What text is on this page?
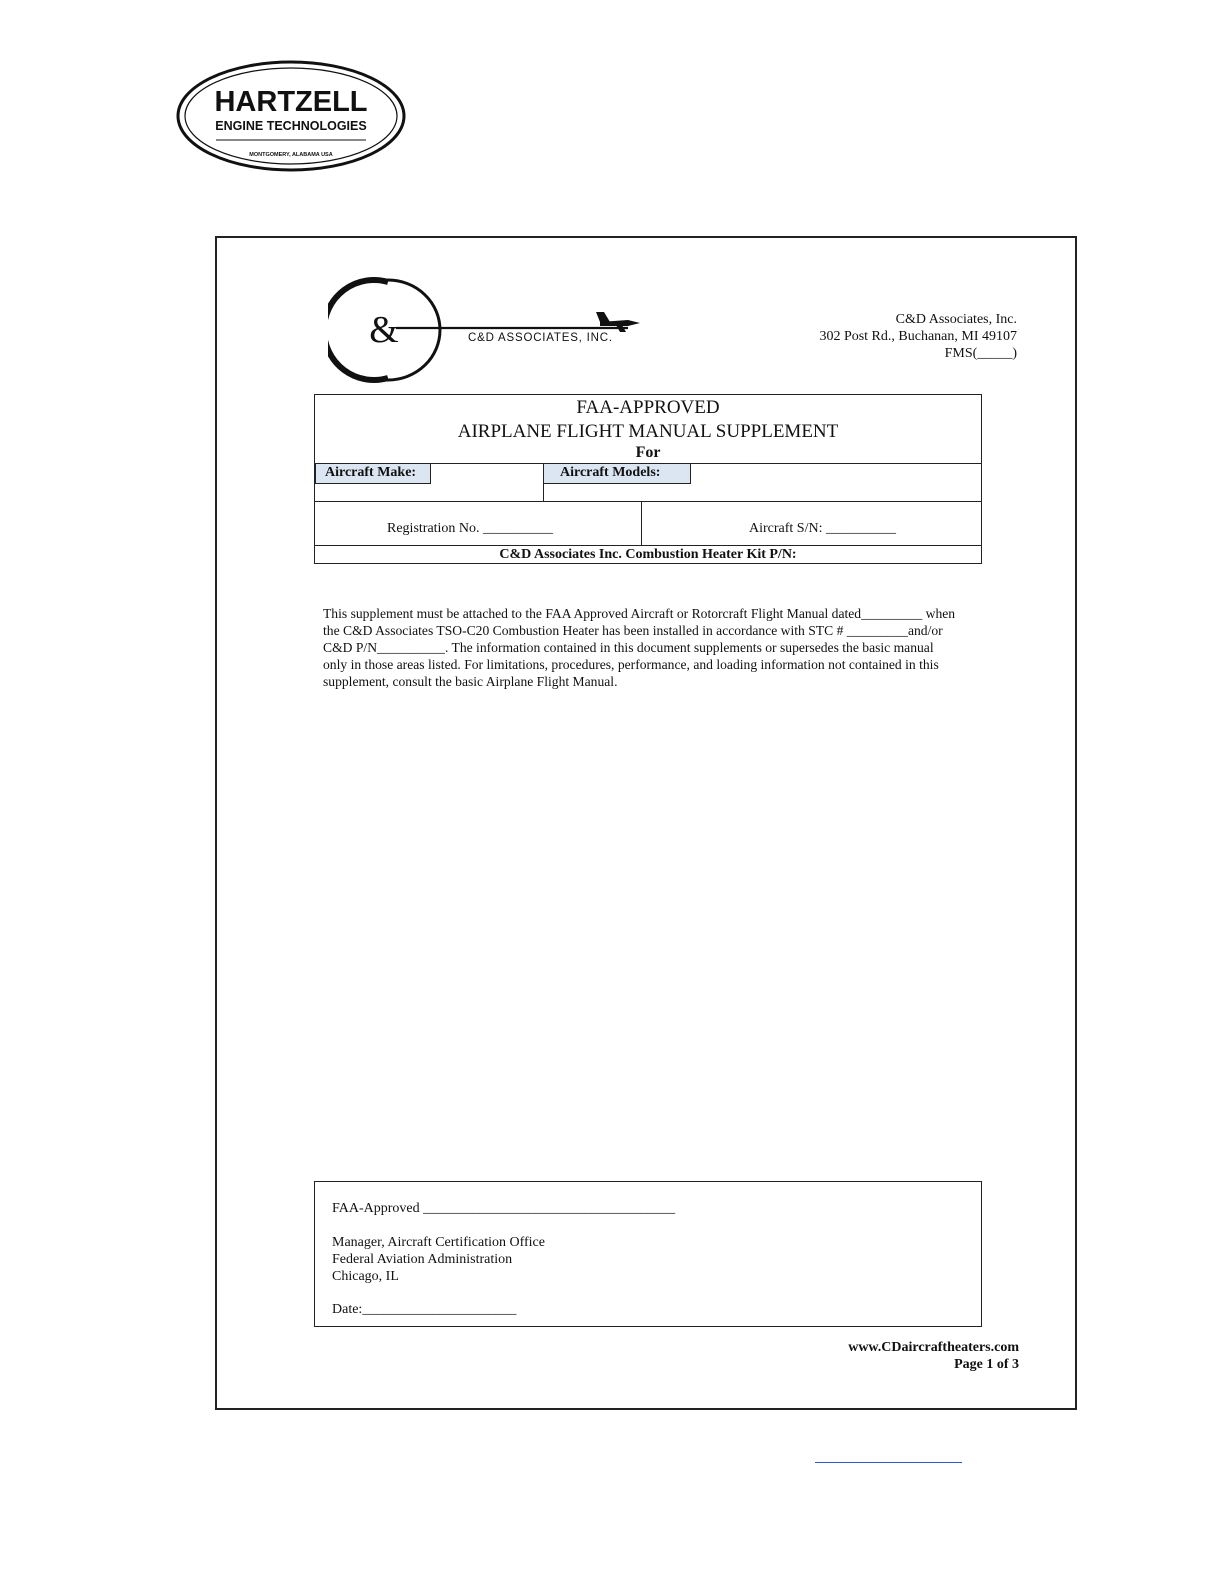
HARTZELL
ENGINE TECHNOLOGIES
MONTGOMERY, ALABAMA USA
&	C&D ASSOCIATES, INC.
C&D Associates, Inc.
302 Post Rd., Buchanan, MI 49107
FMS(_____)
FAA-APPROVED
AIRPLANE FLIGHT MANUAL SUPPLEMENT
For
Aircraft Make:	Aircraft Models:
Registration No. __________	Aircraft S/N: __________
C&D Associates Inc. Combustion Heater Kit P/N:
This supplement must be attached to the FAA Approved Aircraft or Rotorcraft Flight Manual dated_________ when
the C&D Associates TSO-C20 Combustion Heater has been installed in accordance with STC # _________and/or
C&D P/N__________. The information contained in this document supplements or supersedes the basic manual
only in those areas listed. For limitations, procedures, performance, and loading information not contained in this
supplement, consult the basic Airplane Flight Manual.
FAA-Approved ____________________________________
Manager, Aircraft Certification Office
Federal Aviation Administration
Chicago, IL
Date:______________________
www.CDaircraftheaters.com
Page 1 of 3
